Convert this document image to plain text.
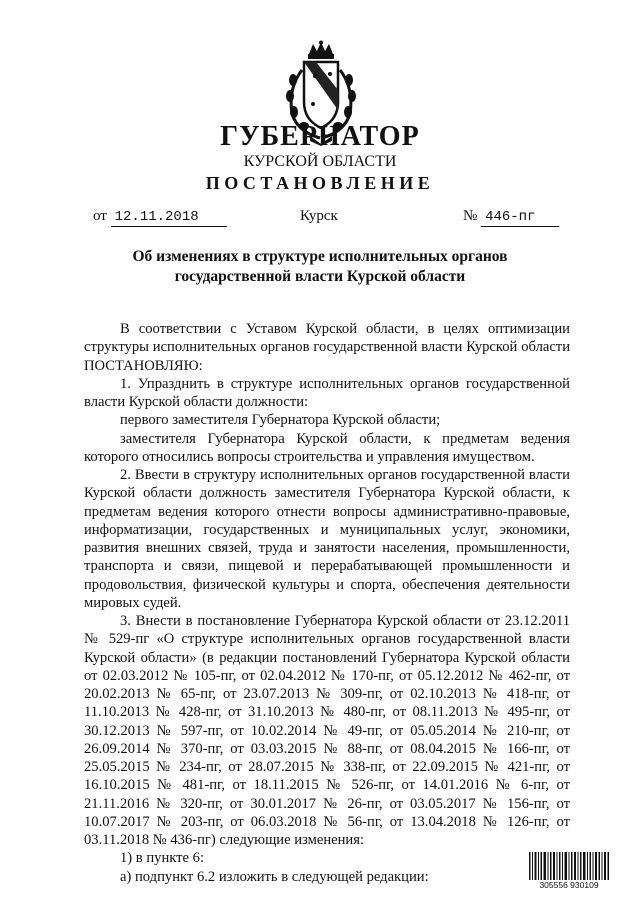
ГУБЕРНАТОР
КУРСКОЙ ОБЛАСТИ
ПОСТАНОВЛЕНИЕ
от 12.11.2018	Курск	№ 446-пг
Об изменениях в структуре исполнительных органов
государственной власти Курской области

В соответствии с Уставом Курской области, в целях оптимизации структуры исполнительных органов государственной власти Курской области ПОСТАНОВЛЯЮ:

1. Упразднить в структуре исполнительных органов государственной власти Курской области должности:

первого заместителя Губернатора Курской области;

заместителя Губернатора Курской области, к предметам ведения которого относились вопросы строительства и управления имуществом.

2. Ввести в структуру исполнительных органов государственной власти Курской области должность заместителя Губернатора Курской области, к предметам ведения которого отнести вопросы административно-правовые, информатизации, государственных и муниципальных услуг, экономики, развития внешних связей, труда и занятости населения, промышленности, транспорта и связи, пищевой и перерабатывающей промышленности и продовольствия, физической культуры и спорта, обеспечения деятельности мировых судей.

3. Внести в постановление Губернатора Курской области от 23.12.2011 № 529-пг «О структуре исполнительных органов государственной власти Курской области» (в редакции постановлений Губернатора Курской области от 02.03.2012 № 105-пг, от 02.04.2012 № 170-пг, от 05.12.2012 № 462-пг, от 20.02.2013 № 65-пг, от 23.07.2013 № 309-пг, от 02.10.2013 № 418-пг, от 11.10.2013 № 428-пг, от 31.10.2013 № 480-пг, от 08.11.2013 № 495-пг, от 30.12.2013 № 597-пг, от 10.02.2014 № 49-пг, от 05.05.2014 № 210-пг, от 26.09.2014 № 370-пг, от 03.03.2015 № 88-пг, от 08.04.2015 № 166-пг, от 25.05.2015 № 234-пг, от 28.07.2015 № 338-пг, от 22.09.2015 № 421-пг, от 16.10.2015 № 481-пг, от 18.11.2015 № 526-пг, от 14.01.2016 № 6-пг, от 21.11.2016 № 320-пг, от 30.01.2017 № 26-пг, от 03.05.2017 № 156-пг, от 10.07.2017 № 203-пг, от 06.03.2018 № 56-пг, от 13.04.2018 № 126-пг, от 03.11.2018 № 436-пг) следующие изменения:

1) в пункте 6:

а) подпункт 6.2 изложить в следующей редакции:

305556 930109
